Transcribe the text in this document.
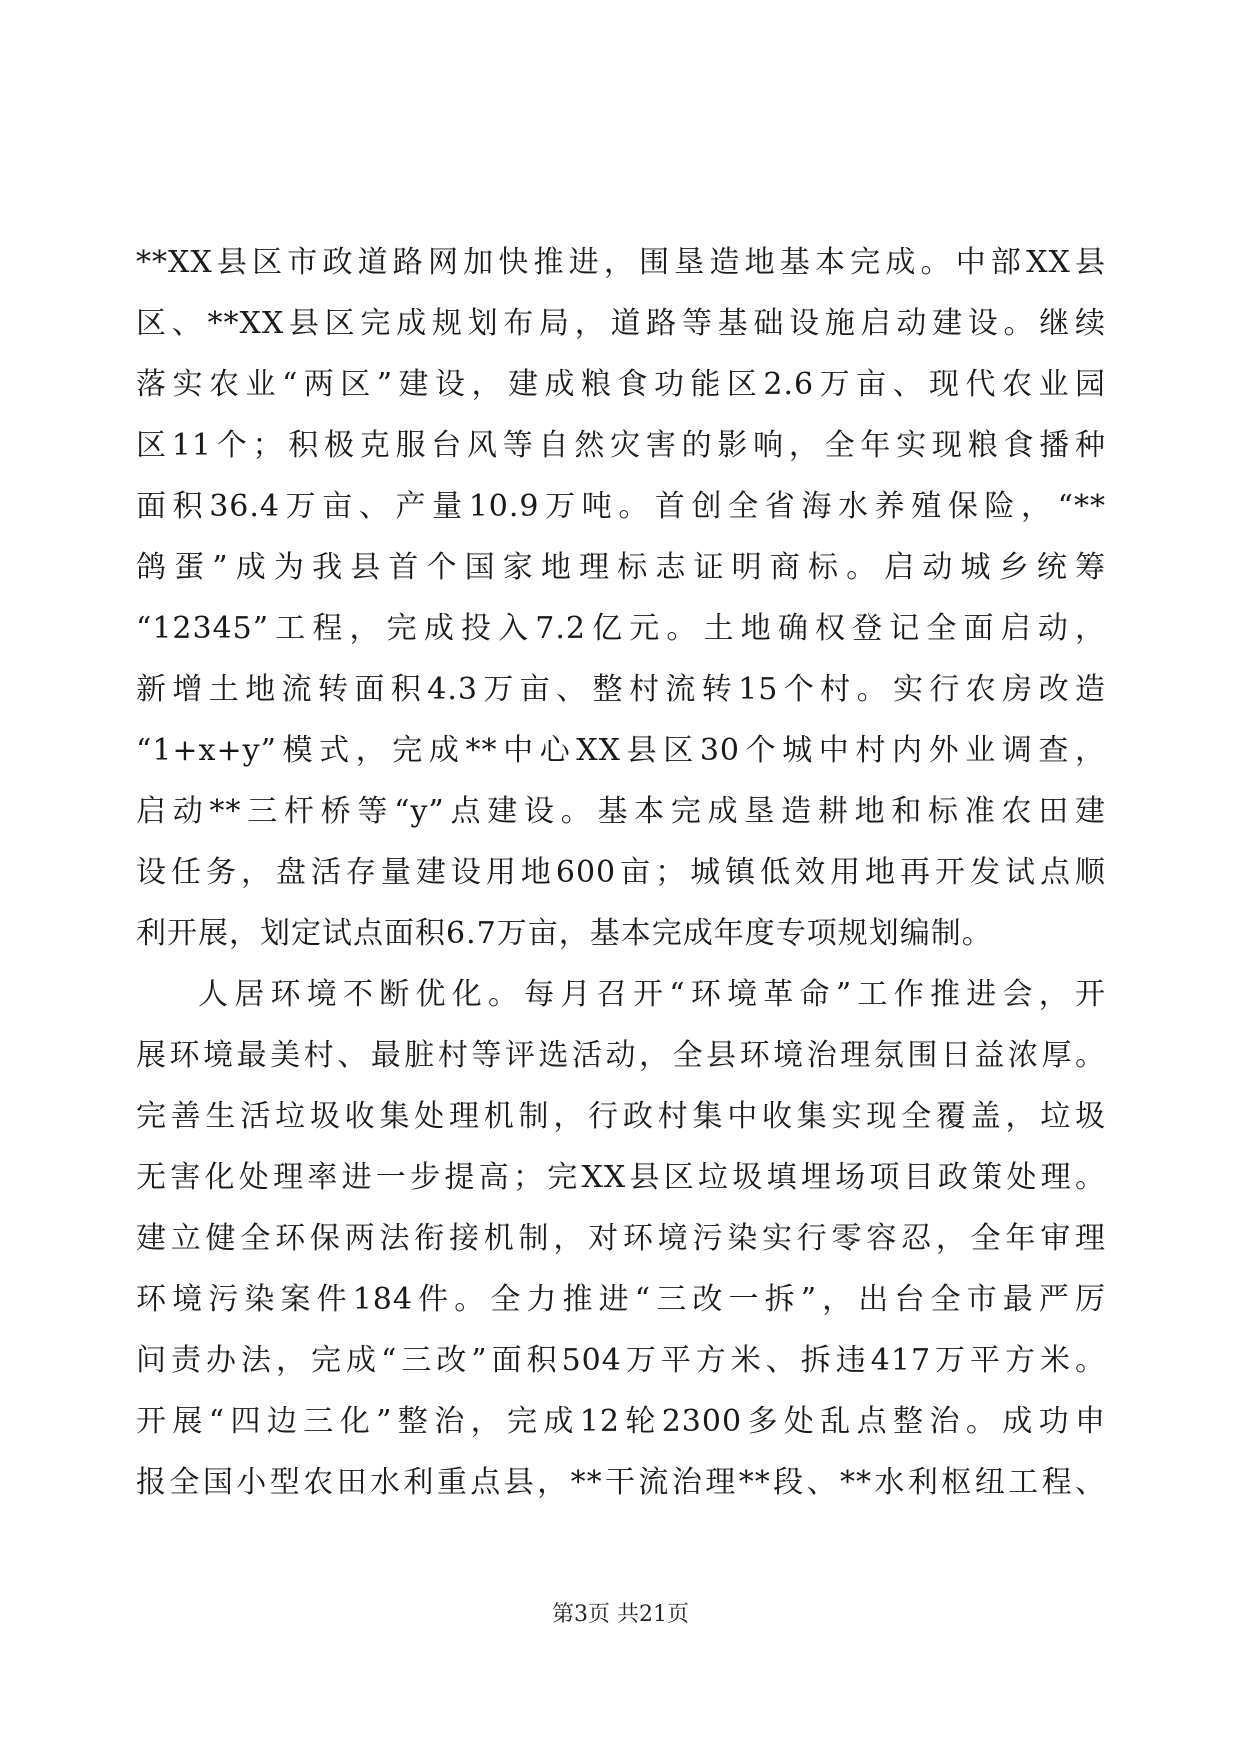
**XX县区市政道路网加快推进，围垦造地基本完成。中部XX县
区、**XX县区完成规划布局，道路等基础设施启动建设。继续
落实农业“两区”建设，建成粮食功能区2.6万亩、现代农业园
区11个；积极克服台风等自然灾害的影响，全年实现粮食播种
面积36.4万亩、产量10.9万吨。首创全省海水养殖保险，“**
鸽蛋”成为我县首个国家地理标志证明商标。启动城乡统筹
“12345”工程，完成投入7.2亿元。土地确权登记全面启动，
新增土地流转面积4.3万亩、整村流转15个村。实行农房改造
“1+x+y”模式，完成**中心XX县区30个城中村内外业调查，
启动**三杆桥等“y”点建设。基本完成垦造耕地和标准农田建
设任务，盘活存量建设用地600亩；城镇低效用地再开发试点顺
利开展，划定试点面积6.7万亩，基本完成年度专项规划编制。
人居环境不断优化。每月召开“环境革命”工作推进会，开
展环境最美村、最脏村等评选活动，全县环境治理氛围日益浓厚。
完善生活垃圾收集处理机制，行政村集中收集实现全覆盖，垃圾
无害化处理率进一步提高；完XX县区垃圾填埋场项目政策处理。
建立健全环保两法衔接机制，对环境污染实行零容忍，全年审理
环境污染案件184件。全力推进“三改一拆”，出台全市最严厉
问责办法，完成“三改”面积504万平方米、拆违417万平方米。
开展“四边三化”整治，完成12轮2300多处乱点整治。成功申
报全国小型农田水利重点县，**干流治理**段、**水利枢纽工程、
第3页 共21页
